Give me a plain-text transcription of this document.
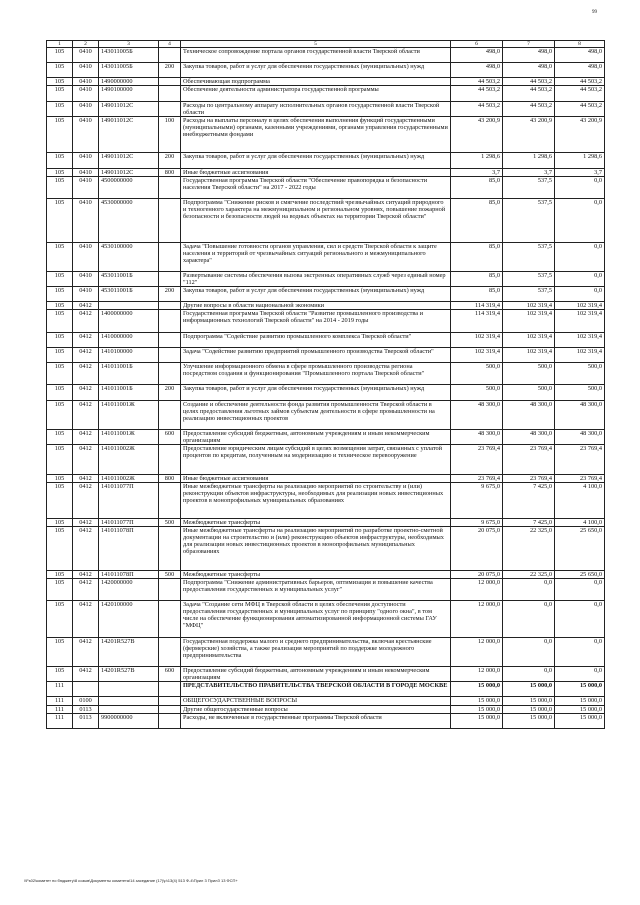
99
1	2	3	4	5	6	7	8
105	0410	143011005Б		Техническое сопровождение портала органов государственной власти Тверской области	498,0	498,0	498,0
105	0410	143011005Б	200	Закупка товаров, работ и услуг для обеспечения государственных (муниципальных) нужд	498,0	498,0	498,0
105	0410	1490000000		Обеспечивающая подпрограмма	44 503,2	44 503,2	44 503,2
105	0410	1490100000		Обеспечение деятельности администратора государственной программы	44 503,2	44 503,2	44 503,2
105	0410	149011012С		Расходы по центральному аппарату исполнительных органов государственной власти Тверской области	44 503,2	44 503,2	44 503,2
105	0410	149011012С	100	Расходы на выплаты персоналу в целях обеспечения выполнения функций государственными (муниципальными) органами, казенными учреждениями, органами управления государственными внебюджетными фондами	43 200,9	43 200,9	43 200,9
105	0410	149011012С	200	Закупка товаров, работ и услуг для обеспечения государственных (муниципальных) нужд	1 298,6	1 298,6	1 298,6
105	0410	149011012С	800	Иные бюджетные ассигнования	3,7	3,7	3,7
105	0410	4500000000		Государственная программа Тверской области "Обеспечение правопорядка и безопасности населения Тверской области" на 2017 - 2022 годы	85,0	537,5	0,0
105	0410	4530000000		Подпрограмма "Снижение рисков и смягчение последствий чрезвычайных ситуаций природного и техногенного характера на межмуниципальном и региональном уровнях, повышение пожарной безопасности и безопасности людей на водных объектах на территории Тверской области"	85,0	537,5	0,0
105	0410	4530100000		Задача "Повышение готовности органов управления, сил и средств Тверской области к защите населения и территорий от чрезвычайных ситуаций регионального и межмуниципального характера"	85,0	537,5	0,0
105	0410	453011001Б		Развертывание системы обеспечения вызова экстренных оперативных служб через единый номер "112"	85,0	537,5	0,0
105	0410	453011001Б	200	Закупка товаров, работ и услуг для обеспечения государственных (муниципальных) нужд	85,0	537,5	0,0
105	0412			Другие вопросы в области национальной экономики	114 319,4	102 319,4	102 319,4
105	0412	1400000000		Государственная программа Тверской области "Развитие промышленного производства и информационных технологий Тверской области" на 2014 - 2019 годы	114 319,4	102 319,4	102 319,4
105	0412	1410000000		Подпрограмма "Содействие развитию промышленного комплекса Тверской области"	102 319,4	102 319,4	102 319,4
105	0412	1410100000		Задача "Содействие развитию предприятий промышленного производства Тверской области"	102 319,4	102 319,4	102 319,4
105	0412	141011001Б		Улучшение информационного обмена в сфере промышленного производства региона посредством создания и функционирования "Промышленного портала Тверской области"	500,0	500,0	500,0
105	0412	141011001Б	200	Закупка товаров, работ и услуг для обеспечения государственных (муниципальных) нужд	500,0	500,0	500,0
105	0412	141011001Ж		Создание и обеспечение деятельности фонда развития промышленности Тверской области в целях предоставления льготных займов субъектам деятельности в сфере промышленности на реализацию инвестиционных проектов	48 300,0	48 300,0	48 300,0
105	0412	141011001Ж	600	Предоставление субсидий бюджетным, автономным учреждениям и иным некоммерческим организациям	48 300,0	48 300,0	48 300,0
105	0412	141011002Ж		Предоставление юридическим лицам субсидий в целях возмещения затрат, связанных с уплатой процентов по кредитам, полученным на модернизацию и техническое перевооружение	23 769,4	23 769,4	23 769,4
105	0412	141011002Ж	800	Иные бюджетные ассигнования	23 769,4	23 769,4	23 769,4
105	0412	141011077П		Иные межбюджетные трансферты на реализацию мероприятий по строительству и (или) реконструкции объектов инфраструктуры, необходимых для реализации новых инвестиционных проектов в монопрофильных муниципальных образованиях	9 675,0	7 425,0	4 100,0
105	0412	141011077П	500	Межбюджетные трансферты	9 675,0	7 425,0	4 100,0
105	0412	141011078П		Иные межбюджетные трансферты на реализацию мероприятий по разработке проектно-сметной документации на строительство и (или) реконструкцию объектов инфраструктуры, необходимых для реализации новых инвестиционных проектов в монопрофильных муниципальных образованиях	20 075,0	22 325,0	25 650,0
105	0412	141011078П	500	Межбюджетные трансферты	20 075,0	22 325,0	25 650,0
105	0412	1420000000		Подпрограмма "Снижение административных барьеров, оптимизация и повышение качества предоставления государственных и муниципальных услуг"	12 000,0	0,0	0,0
105	0412	1420100000		Задача "Создание сети МФЦ в Тверской области в целях обеспечения доступности предоставления государственных и муниципальных услуг по принципу "одного окна", в том числе на обеспечение функционирования автоматизированной информационной системы ГАУ "МФЦ"	12 000,0	0,0	0,0
105	0412	14201R527В		Государственная поддержка малого и среднего предпринимательства, включая крестьянские (фермерские) хозяйства, а также реализация мероприятий по поддержке молодежного предпринимательства	12 000,0	0,0	0,0
105	0412	14201R527В	600	Предоставление субсидий бюджетным, автономным учреждениям и иным некоммерческим организациям	12 000,0	0,0	0,0
111				ПРЕДСТАВИТЕЛЬСТВО ПРАВИТЕЛЬСТВА ТВЕРСКОЙ ОБЛАСТИ В ГОРОДЕ МОСКВЕ	15 000,0	15 000,0	15 000,0
111	0100			ОБЩЕГОСУДАРСТВЕННЫЕ ВОПРОСЫ	15 000,0	15 000,0	15 000,0
111	0113			Другие общегосударственные вопросы	15 000,0	15 000,0	15 000,0
111	0113	9900000000		Расходы, не включенные в государственные программы Тверской области	15 000,0	15 000,0	15 000,0
\\Fs02\комитет по бюджету\8 созыв\Документы комитета\14 заседание (17)\р\13(4) 513 Ф-4\Прил 3 ПрилЗ 13 ФСП+
